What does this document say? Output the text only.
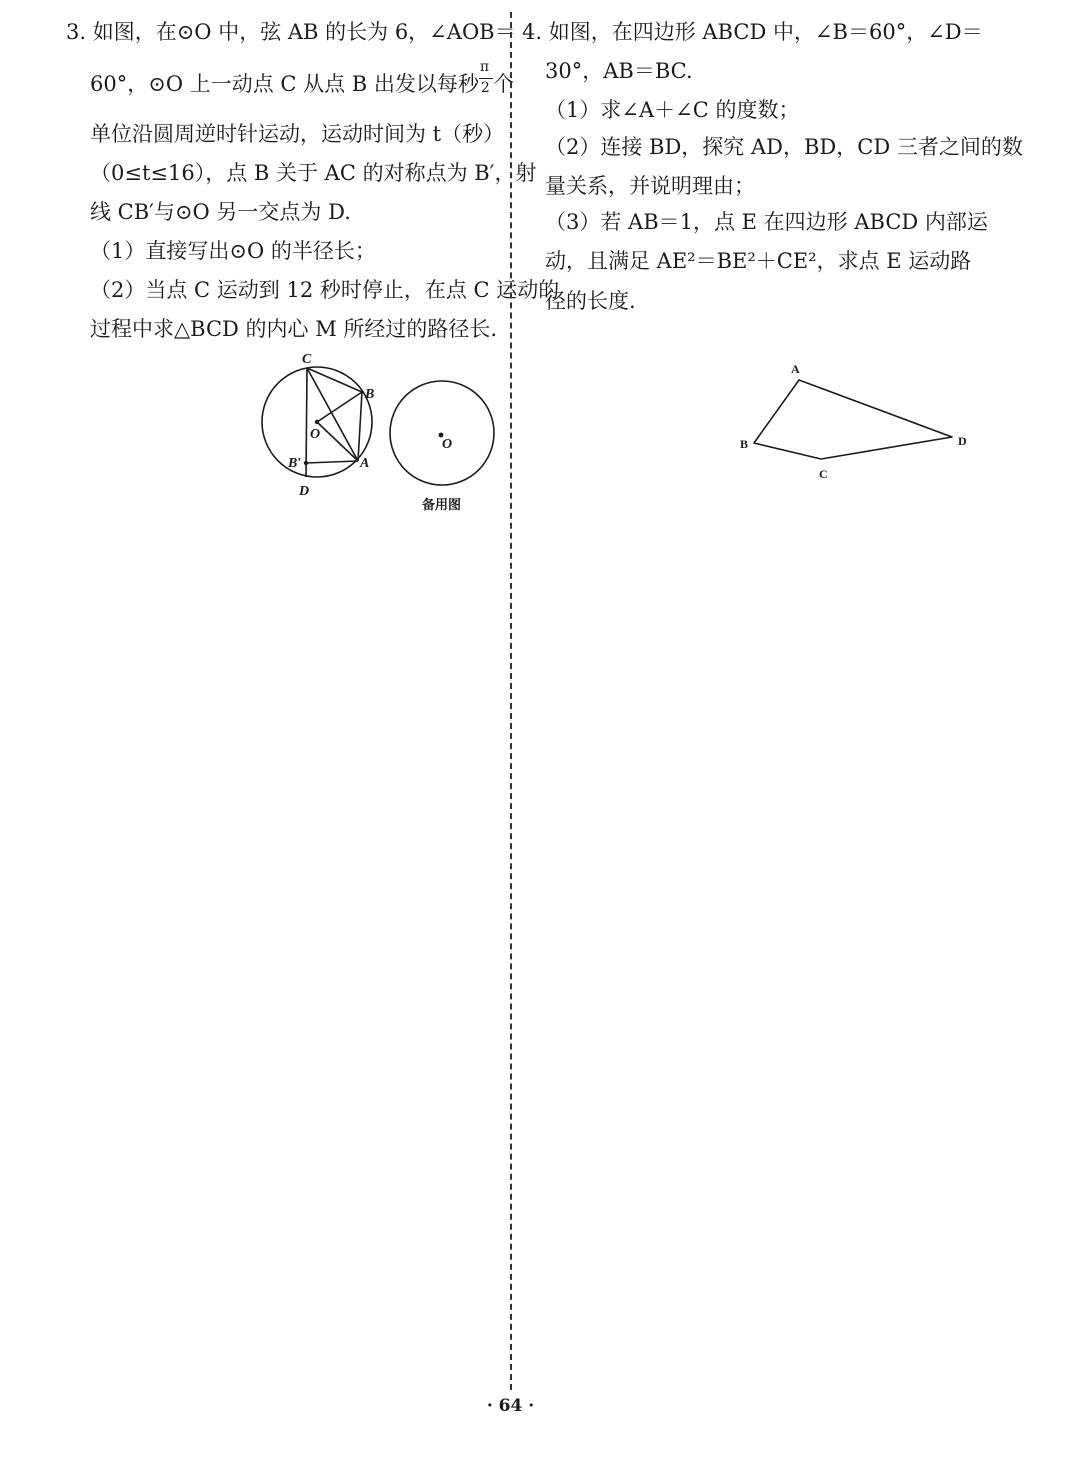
3. 如图，在⊙O 中，弦 AB 的长为 6，∠AOB＝
60°，⊙O 上一动点 C 从点 B 出发以每秒 $\frac{\pi}{2}$ 个
单位沿圆周逆时针运动，运动时间为 t（秒）
（0≤t≤16），点 B 关于 AC 的对称点为 B′，射
线 CB′与⊙O 另一交点为 D.
（1）直接写出⊙O 的半径长；
（2）当点 C 运动到 12 秒时停止，在点 C 运动的
过程中求△BCD 的内心 M 所经过的路径长.
C
B
O
B′	A
D
O
备用图
4. 如图，在四边形 ABCD 中，∠B＝60°，∠D＝
30°，AB＝BC.
（1）求∠A＋∠C 的度数；
（2）连接 BD，探究 AD，BD，CD 三者之间的数
量关系，并说明理由；
（3）若 AB＝1，点 E 在四边形 ABCD 内部运
动，且满足 AE²＝BE²＋CE²，求点 E 运动路
径的长度.
A
B
C
D
· 64 ·
